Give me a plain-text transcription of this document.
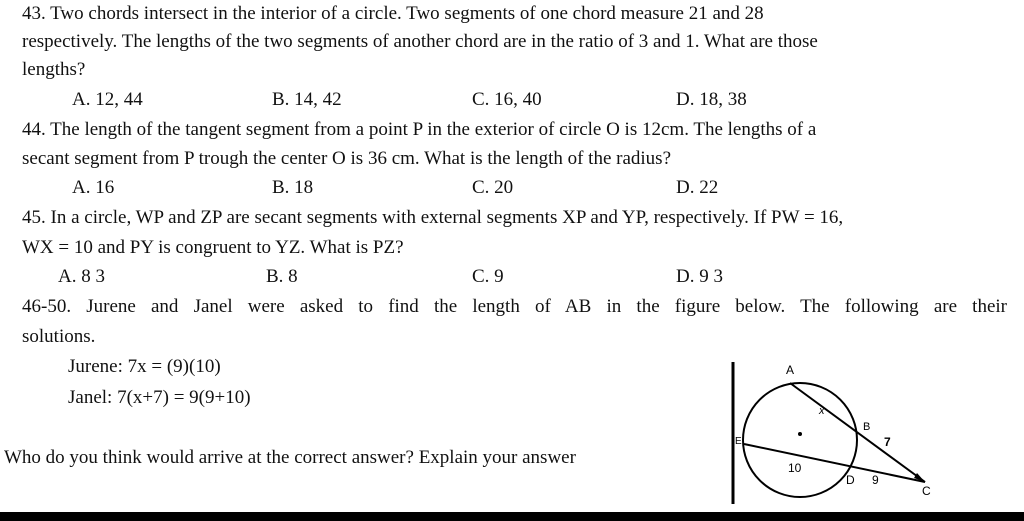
43. Two chords intersect in the interior of a circle. Two segments of one chord measure 21 and 28
respectively. The lengths of the two segments of another chord are in the ratio of 3 and 1. What are those
lengths?
A. 12, 44	B. 14, 42	C. 16, 40	D. 18, 38
44. The length of the tangent segment from a point P in the exterior of circle O is 12cm. The lengths of a
secant segment from P trough the center O is 36 cm. What is the length of the radius?
A. 16	B. 18	C. 20	D. 22
45. In a circle, WP and ZP are secant segments with external segments XP and YP, respectively. If PW = 16,
WX = 10 and PY is congruent to YZ. What is PZ?
A. 8 3	B. 8	C. 9	D. 9 3
46-50. Jurene and Janel were asked to find the length of AB in the figure below. The following are their
solutions.
Jurene: 7x = (9)(10)
Janel: 7(x+7) = 9(9+10)
Who do you think would arrive at the correct answer? Explain your answer
A
x
B
7
E
10
D 9
C
